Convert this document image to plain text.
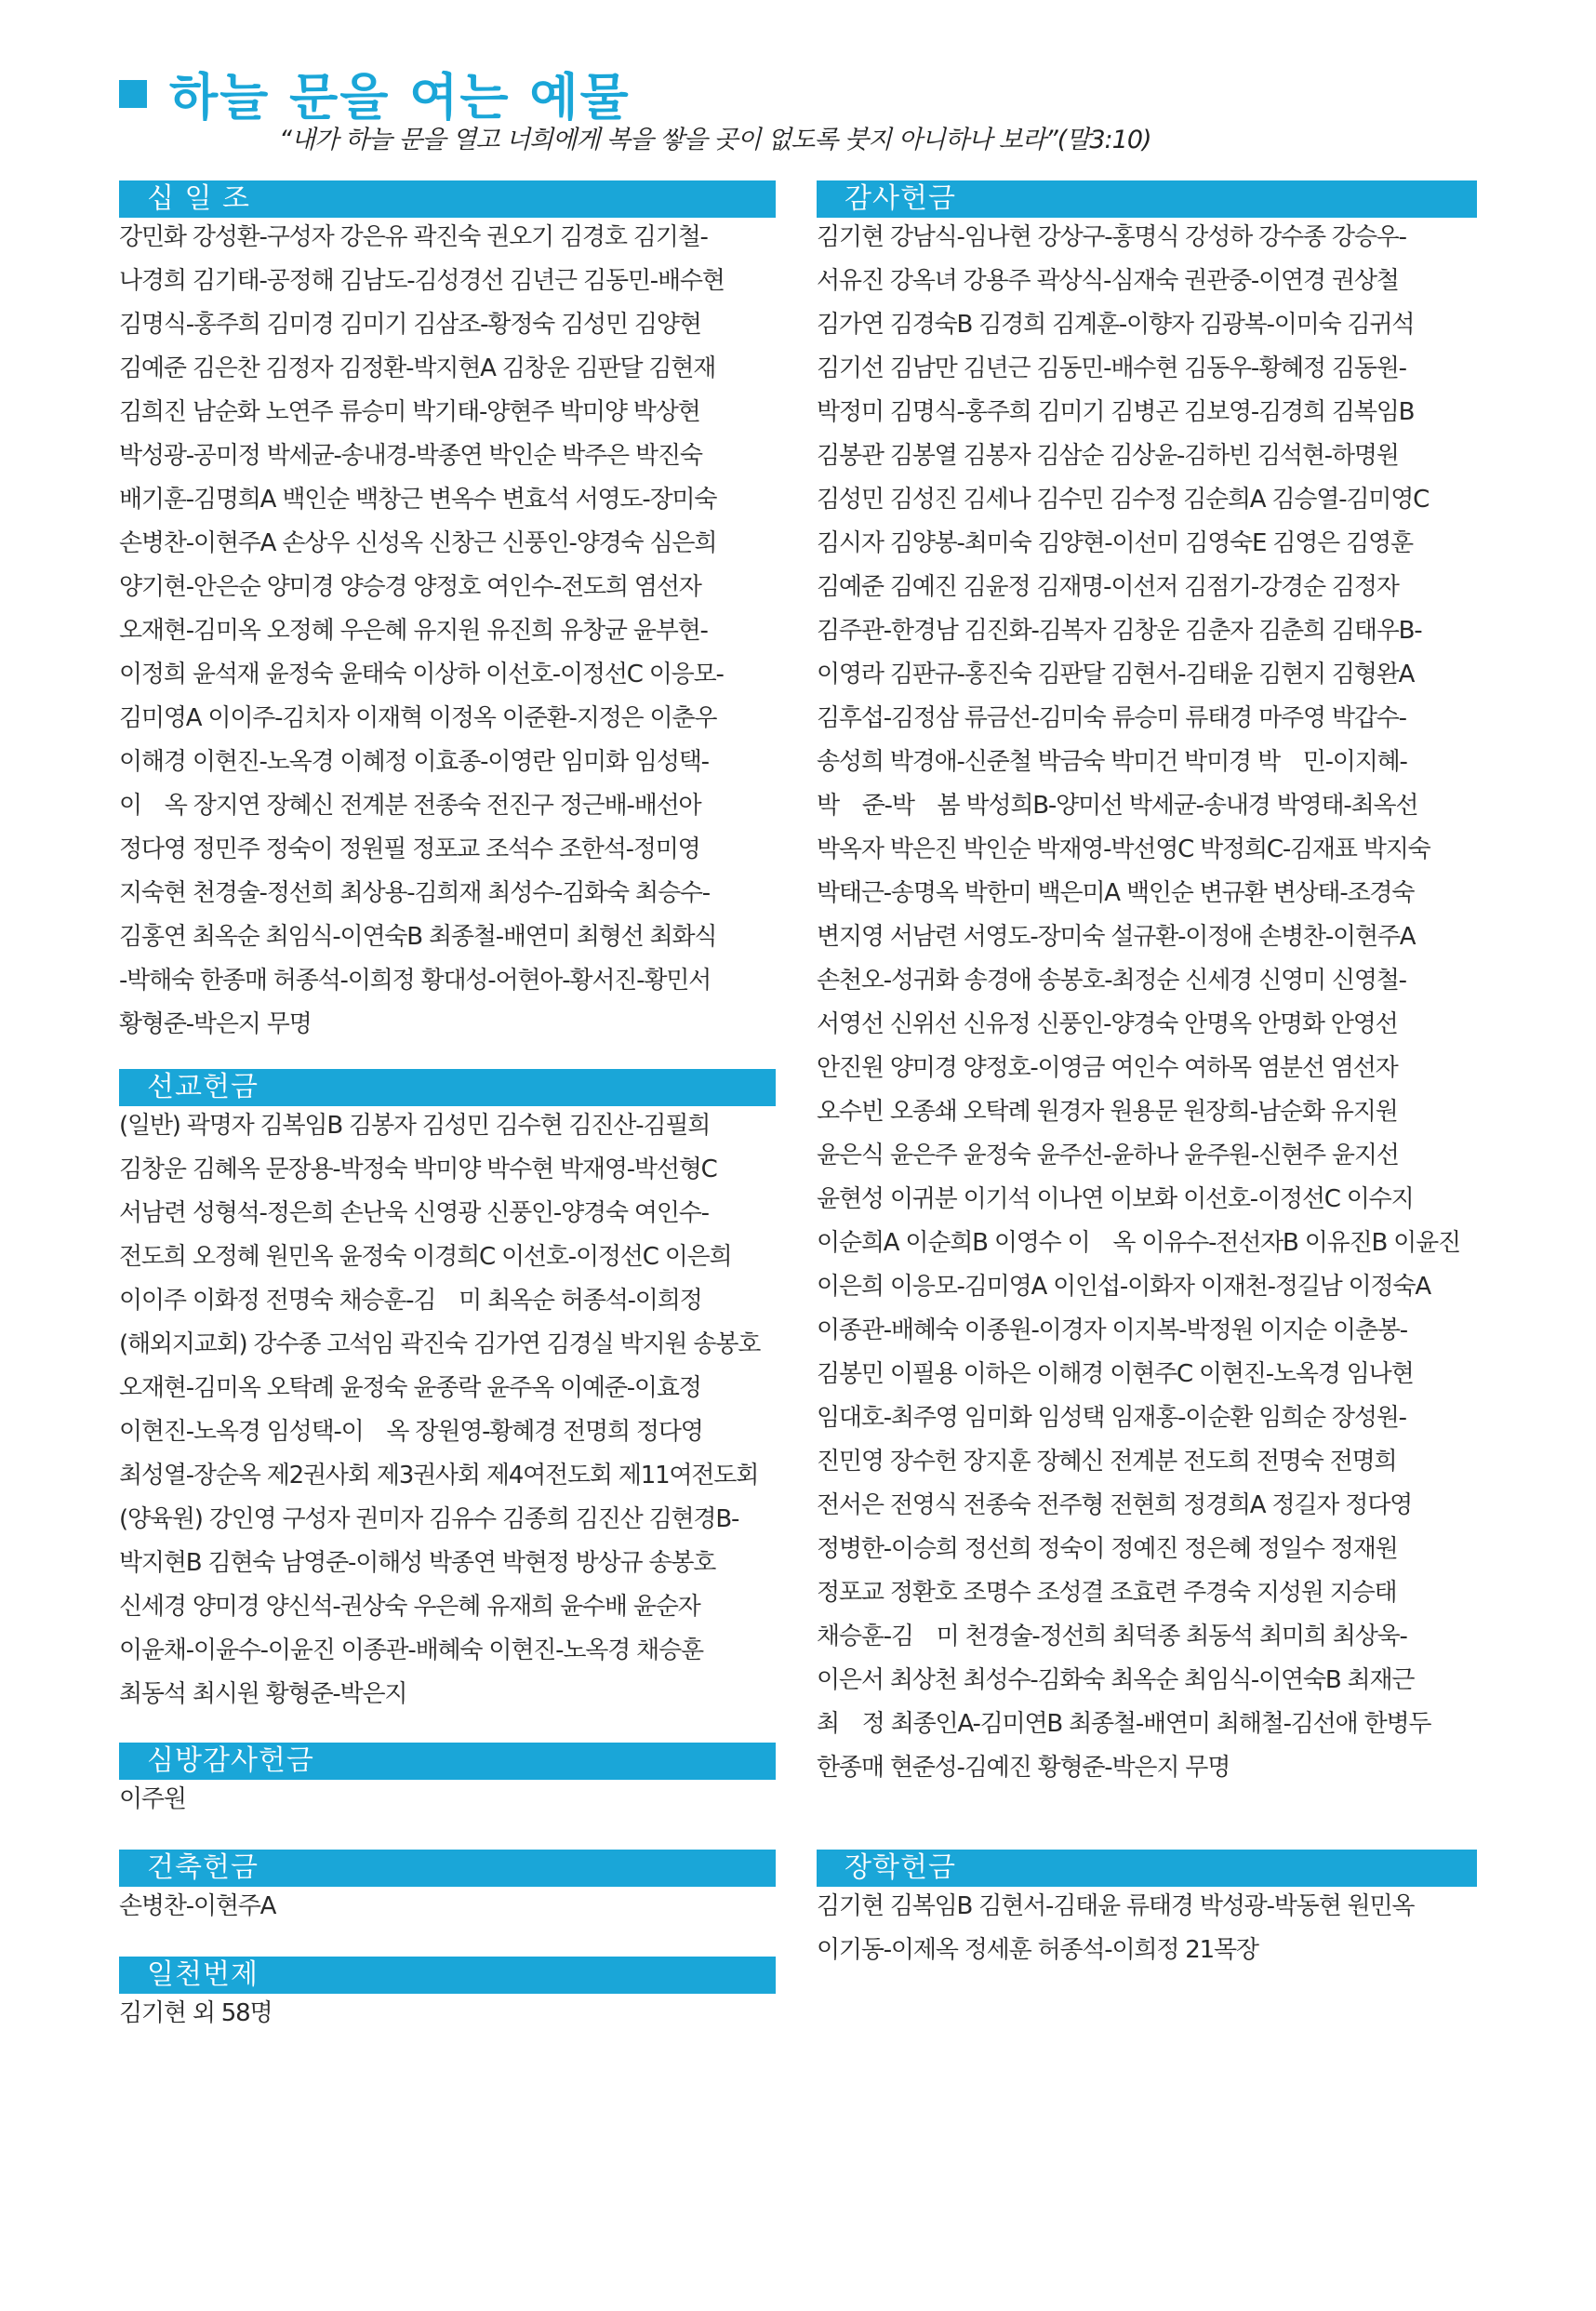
하늘 문을 여는 예물
“내가 하늘 문을 열고 너희에게 복을 쌓을 곳이 없도록 붓지 아니하나 보라”(말3:10)
십 일 조
강민화 강성환-구성자 강은유 곽진숙 권오기 김경호 김기철-
나경희 김기태-공정해 김남도-김성경선 김년근 김동민-배수현
김명식-홍주희 김미경 김미기 김삼조-황정숙 김성민 김양현
김예준 김은찬 김정자 김정환-박지현A 김창운 김판달 김현재
김희진 남순화 노연주 류승미 박기태-양현주 박미양 박상현
박성광-공미정 박세균-송내경-박종연 박인순 박주은 박진숙
배기훈-김명희A 백인순 백창근 변옥수 변효석 서영도-장미숙
손병찬-이현주A 손상우 신성옥 신창근 신풍인-양경숙 심은희
양기현-안은순 양미경 양승경 양정호 여인수-전도희 염선자
오재현-김미옥 오정혜 우은혜 유지원 유진희 유창균 윤부현-
이정희 윤석재 윤정숙 윤태숙 이상하 이선호-이정선C 이응모-
김미영A 이이주-김치자 이재혁 이정옥 이준환-지정은 이춘우
이해경 이현진-노옥경 이혜정 이효종-이영란 임미화 임성택-
이　옥 장지연 장혜신 전계분 전종숙 전진구 정근배-배선아
정다영 정민주 정숙이 정원필 정포교 조석수 조한석-정미영
지숙현 천경술-정선희 최상용-김희재 최성수-김화숙 최승수-
김홍연 최옥순 최임식-이연숙B 최종철-배연미 최형선 최화식
-박해숙 한종매 허종석-이희정 황대성-어현아-황서진-황민서
황형준-박은지 무명
선교헌금
(일반) 곽명자 김복임B 김봉자 김성민 김수현 김진산-김필희
김창운 김혜옥 문장용-박정숙 박미양 박수현 박재영-박선형C
서남련 성형석-정은희 손난욱 신영광 신풍인-양경숙 여인수-
전도희 오정혜 원민옥 윤정숙 이경희C 이선호-이정선C 이은희
이이주 이화정 전명숙 채승훈-김　미 최옥순 허종석-이희정
(해외지교회) 강수종 고석임 곽진숙 김가연 김경실 박지원 송봉호
오재현-김미옥 오탁례 윤정숙 윤종락 윤주옥 이예준-이효정
이현진-노옥경 임성택-이　옥 장원영-황혜경 전명희 정다영
최성열-장순옥 제2권사회 제3권사회 제4여전도회 제11여전도회
(양육원) 강인영 구성자 권미자 김유수 김종희 김진산 김현경B-
박지현B 김현숙 남영준-이해성 박종연 박현정 방상규 송봉호
신세경 양미경 양신석-권상숙 우은혜 유재희 윤수배 윤순자
이윤채-이윤수-이윤진 이종관-배혜숙 이현진-노옥경 채승훈
최동석 최시원 황형준-박은지
심방감사헌금
이주원
건축헌금
손병찬-이현주A
일천번제
김기현 외 58명
감사헌금
김기현 강남식-임나현 강상구-홍명식 강성하 강수종 강승우-
서유진 강옥녀 강용주 곽상식-심재숙 권관중-이연경 권상철
김가연 김경숙B 김경희 김계훈-이향자 김광복-이미숙 김귀석
김기선 김남만 김년근 김동민-배수현 김동우-황혜정 김동원-
박정미 김명식-홍주희 김미기 김병곤 김보영-김경희 김복임B
김봉관 김봉열 김봉자 김삼순 김상윤-김하빈 김석현-하명원
김성민 김성진 김세나 김수민 김수정 김순희A 김승열-김미영C
김시자 김양봉-최미숙 김양현-이선미 김영숙E 김영은 김영훈
김예준 김예진 김윤정 김재명-이선저 김점기-강경순 김정자
김주관-한경남 김진화-김복자 김창운 김춘자 김춘희 김태우B-
이영라 김판규-홍진숙 김판달 김현서-김태윤 김현지 김형완A
김후섭-김정삼 류금선-김미숙 류승미 류태경 마주영 박갑수-
송성희 박경애-신준철 박금숙 박미건 박미경 박　민-이지혜-
박　준-박　봄 박성희B-양미선 박세균-송내경 박영태-최옥선
박옥자 박은진 박인순 박재영-박선영C 박정희C-김재표 박지숙
박태근-송명옥 박한미 백은미A 백인순 변규환 변상태-조경숙
변지영 서남련 서영도-장미숙 설규환-이정애 손병찬-이현주A
손천오-성귀화 송경애 송봉호-최정순 신세경 신영미 신영철-
서영선 신위선 신유정 신풍인-양경숙 안명옥 안명화 안영선
안진원 양미경 양정호-이영금 여인수 여하목 염분선 염선자
오수빈 오종쇄 오탁례 원경자 원용문 원장희-남순화 유지원
윤은식 윤은주 윤정숙 윤주선-윤하나 윤주원-신현주 윤지선
윤현성 이귀분 이기석 이나연 이보화 이선호-이정선C 이수지
이순희A 이순희B 이영수 이　옥 이유수-전선자B 이유진B 이윤진
이은희 이응모-김미영A 이인섭-이화자 이재천-정길남 이정숙A
이종관-배혜숙 이종원-이경자 이지복-박정원 이지순 이춘봉-
김봉민 이필용 이하은 이해경 이현주C 이현진-노옥경 임나현
임대호-최주영 임미화 임성택 임재홍-이순환 임희순 장성원-
진민영 장수헌 장지훈 장혜신 전계분 전도희 전명숙 전명희
전서은 전영식 전종숙 전주형 전현희 정경희A 정길자 정다영
정병한-이승희 정선희 정숙이 정예진 정은혜 정일수 정재원
정포교 정환호 조명수 조성결 조효련 주경숙 지성원 지승태
채승훈-김　미 천경술-정선희 최덕종 최동석 최미희 최상욱-
이은서 최상천 최성수-김화숙 최옥순 최임식-이연숙B 최재근
최　정 최종인A-김미연B 최종철-배연미 최해철-김선애 한병두
한종매 현준성-김예진 황형준-박은지 무명
장학헌금
김기현 김복임B 김현서-김태윤 류태경 박성광-박동현 원민옥
이기동-이제옥 정세훈 허종석-이희정 21목장
